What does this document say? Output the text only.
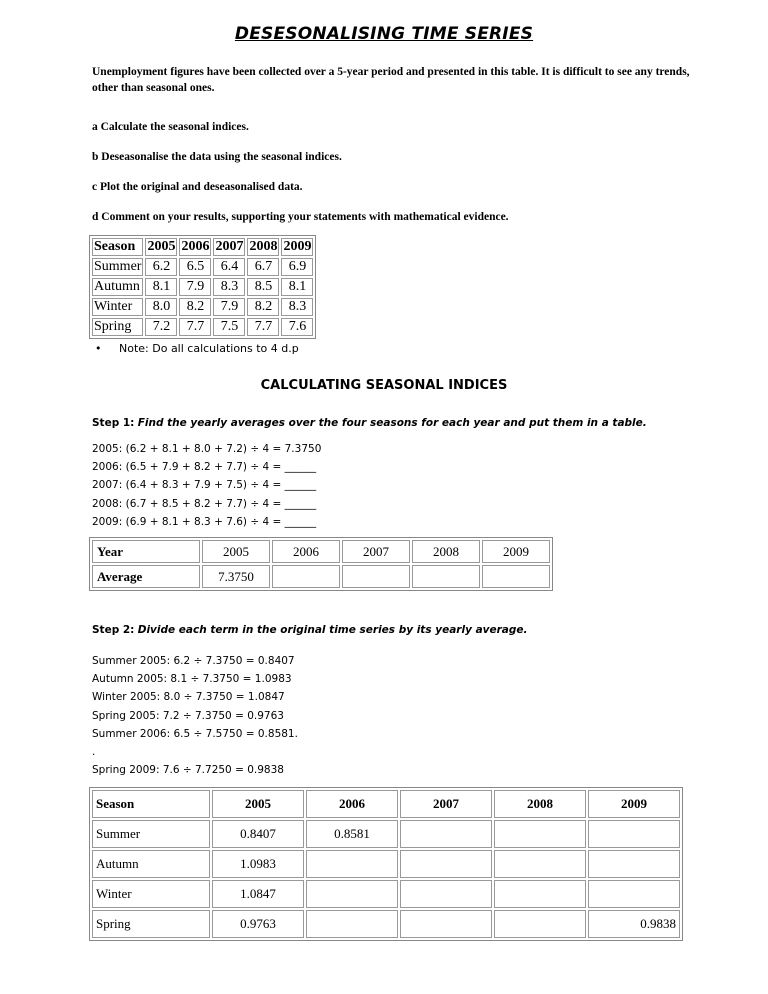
DESESONALISING TIME SERIES
Unemployment figures have been collected over a 5-year period and presented in this table. It is difficult to see any trends, other than seasonal ones.
a Calculate the seasonal indices.
b Deseasonalise the data using the seasonal indices.
c Plot the original and deseasonalised data.
d Comment on your results, supporting your statements with mathematical evidence.
Season	2005	2006	2007	2008	2009
Summer	6.2	6.5	6.4	6.7	6.9
Autumn	8.1	7.9	8.3	8.5	8.1
Winter	8.0	8.2	7.9	8.2	8.3
Spring	7.2	7.7	7.5	7.7	7.6
• Note: Do all calculations to 4 d.p
CALCULATING SEASONAL INDICES
Step 1: Find the yearly averages over the four seasons for each year and put them in a table.
2005: (6.2 + 8.1 + 8.0 + 7.2) ÷ 4 = 7.3750
2006: (6.5 + 7.9 + 8.2 + 7.7) ÷ 4 = ______
2007: (6.4 + 8.3 + 7.9 + 7.5) ÷ 4 = ______
2008: (6.7 + 8.5 + 8.2 + 7.7) ÷ 4 = ______
2009: (6.9 + 8.1 + 8.3 + 7.6) ÷ 4 = ______
Year	2005	2006	2007	2008	2009
Average	7.3750				
Step 2: Divide each term in the original time series by its yearly average.
Summer 2005: 6.2 ÷ 7.3750 = 0.8407
Autumn 2005: 8.1 ÷ 7.3750 = 1.0983
Winter 2005: 8.0 ÷ 7.3750 = 1.0847
Spring 2005: 7.2 ÷ 7.3750 = 0.9763
Summer 2006: 6.5 ÷ 7.5750 = 0.8581.
.
Spring 2009: 7.6 ÷ 7.7250 = 0.9838
Season	2005	2006	2007	2008	2009
Summer	0.8407	0.8581			
Autumn	1.0983				
Winter	1.0847				
Spring	0.9763				0.9838
